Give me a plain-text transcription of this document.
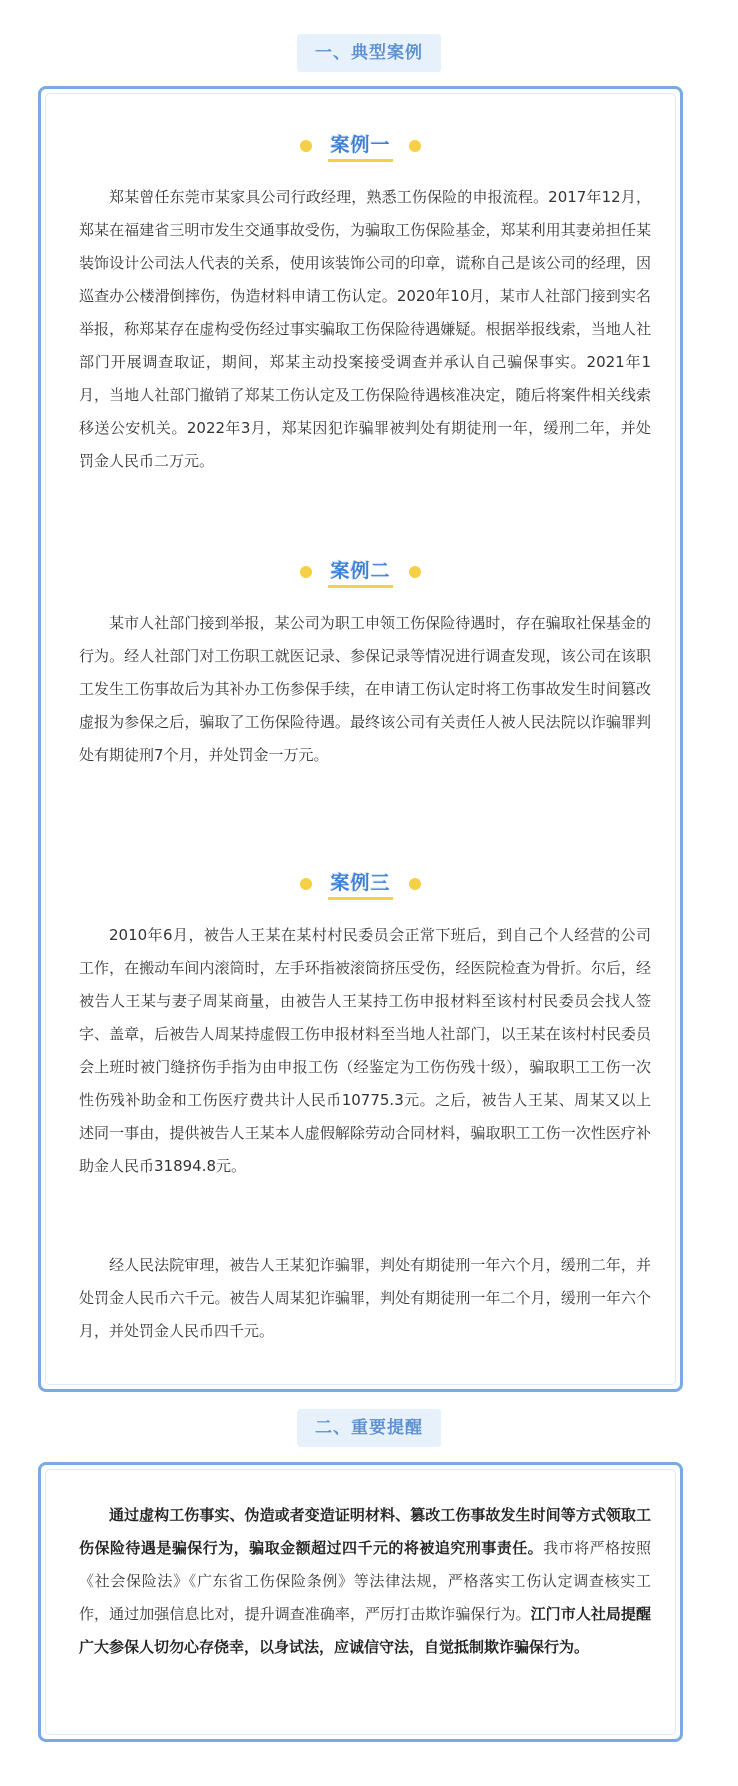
一、典型案例
案例一

郑某曾任东莞市某家具公司行政经理，熟悉工伤保险的申报流程。2017年12月，郑某在福建省三明市发生交通事故受伤，为骗取工伤保险基金，郑某利用其妻弟担任某装饰设计公司法人代表的关系，使用该装饰公司的印章，谎称自己是该公司的经理，因巡查办公楼滑倒摔伤，伪造材料申请工伤认定。2020年10月，某市人社部门接到实名举报，称郑某存在虚构受伤经过事实骗取工伤保险待遇嫌疑。根据举报线索，当地人社部门开展调查取证，期间，郑某主动投案接受调查并承认自己骗保事实。2021年1月，当地人社部门撤销了郑某工伤认定及工伤保险待遇核准决定，随后将案件相关线索移送公安机关。2022年3月，郑某因犯诈骗罪被判处有期徒刑一年，缓刑二年，并处罚金人民币二万元。

案例二

某市人社部门接到举报，某公司为职工申领工伤保险待遇时，存在骗取社保基金的行为。经人社部门对工伤职工就医记录、参保记录等情况进行调查发现，该公司在该职工发生工伤事故后为其补办工伤参保手续，在申请工伤认定时将工伤事故发生时间篡改虚报为参保之后，骗取了工伤保险待遇。最终该公司有关责任人被人民法院以诈骗罪判处有期徒刑7个月，并处罚金一万元。

案例三

2010年6月，被告人王某在某村村民委员会正常下班后，到自己个人经营的公司工作，在搬动车间内滚筒时，左手环指被滚筒挤压受伤，经医院检查为骨折。尔后，经被告人王某与妻子周某商量，由被告人王某持工伤申报材料至该村村民委员会找人签字、盖章，后被告人周某持虚假工伤申报材料至当地人社部门，以王某在该村村民委员会上班时被门缝挤伤手指为由申报工伤（经鉴定为工伤伤残十级），骗取职工工伤一次性伤残补助金和工伤医疗费共计人民币10775.3元。之后，被告人王某、周某又以上述同一事由，提供被告人王某本人虚假解除劳动合同材料，骗取职工工伤一次性医疗补助金人民币31894.8元。

经人民法院审理，被告人王某犯诈骗罪，判处有期徒刑一年六个月，缓刑二年，并处罚金人民币六千元。被告人周某犯诈骗罪，判处有期徒刑一年二个月，缓刑一年六个月，并处罚金人民币四千元。

二、重要提醒

通过虚构工伤事实、伪造或者变造证明材料、篡改工伤事故发生时间等方式领取工伤保险待遇是骗保行为，骗取金额超过四千元的将被追究刑事责任。我市将严格按照《社会保险法》《广东省工伤保险条例》等法律法规，严格落实工伤认定调查核实工作，通过加强信息比对，提升调查准确率，严厉打击欺诈骗保行为。江门市人社局提醒广大参保人切勿心存侥幸，以身试法，应诚信守法，自觉抵制欺诈骗保行为。
